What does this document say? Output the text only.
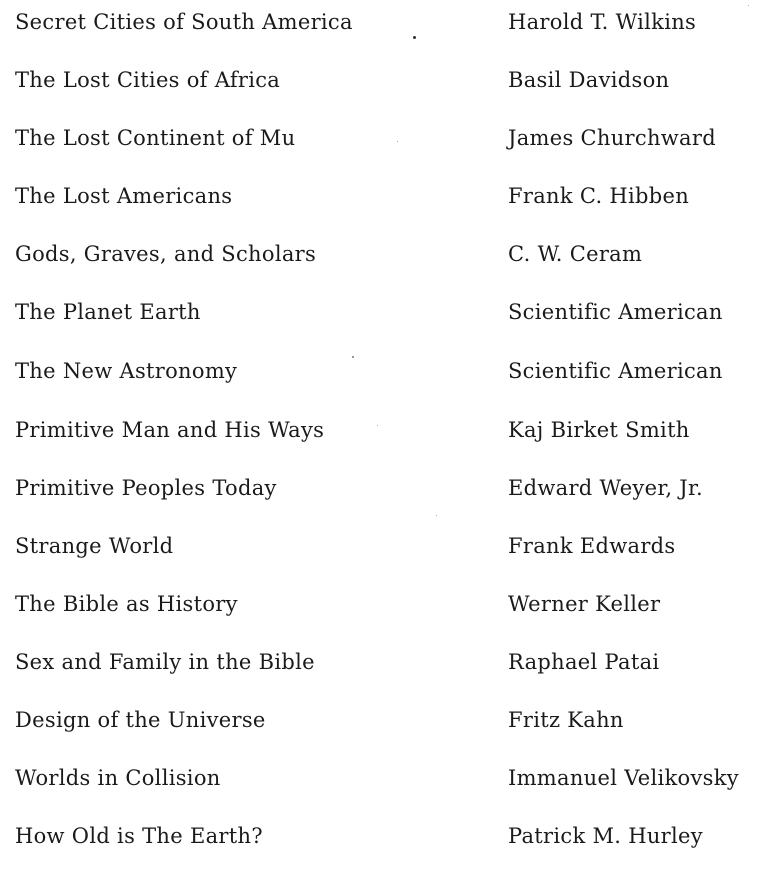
Secret Cities of South America	Harold T. Wilkins
The Lost Cities of Africa	Basil Davidson
The Lost Continent of Mu	James Churchward
The Lost Americans	Frank C. Hibben
Gods, Graves, and Scholars	C. W. Ceram
The Planet Earth	Scientific American
The New Astronomy	Scientific American
Primitive Man and His Ways	Kaj Birket Smith
Primitive Peoples Today	Edward Weyer, Jr.
Strange World	Frank Edwards
The Bible as History	Werner Keller
Sex and Family in the Bible	Raphael Patai
Design of the Universe	Fritz Kahn
Worlds in Collision	Immanuel Velikovsky
How Old is The Earth?	Patrick M. Hurley
